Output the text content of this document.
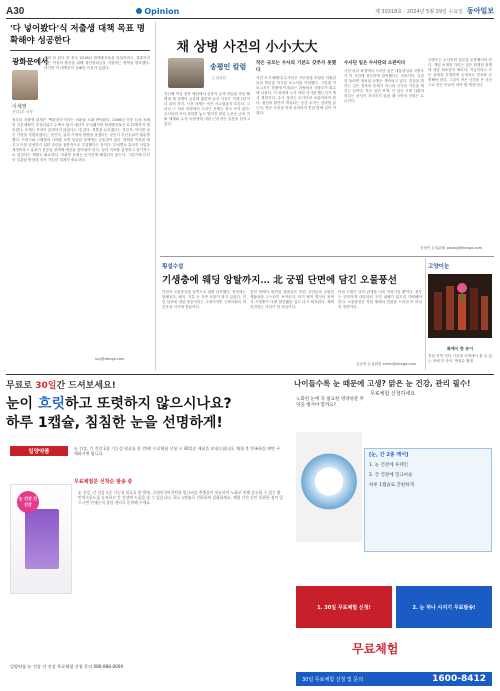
A30	Opinion	제 30318호 · 2024년 5월 29일 수요일 동아일보
'다 넣어봤다'식 저출생 대책 목표 명확해야 성공한다
광화문에서
이세영
산업1부 차장
엘라 안 된다 한 중국 2018년 합계출산율을 달성하려고, 결혼하지 않은 여성의 출산을 위해 출산장려금을 지원하는 정책을 발표했다. 하지만 이 대책들이 실패한 이유가 있었다.
정부의 저출생 대책은 '백화점식'이라는 비판을 오래 받아왔다. 2006년 이후 다섯 차례의 기본계획이 추진되었고 수백조 원의 예산이 투입됐지만 합계출산율은 0.72명까지 떨어졌다. 문제는 목표가 분명하지 않았다는 데 있다. 결혼을 늘리겠다는 것인지, 아이를 낳은 가정을 지원하겠다는 것인지, 일과 가정의 양립을 돕겠다는 것인지 우선순위가 불분명했다. 프랑스와 스웨덴의 사례를 보면 성공한 정책에는 공통점이 있다. 명확한 목표를 세우고 이를 달성하기 위한 수단을 집중적으로 투입했다는 점이다. 부처별로 흩어진 사업을 재정비하고 효과가 검증된 정책에 예산을 몰아줘야 한다. 성과 지표를 설정하고 정기적으로 점검하는 체계도 필요하다. 저출생 문제는 단기간에 해결되지 않는다. 그렇기에 더더욱 일관된 방향과 지속 가능한 설계가 중요하다.
ssy@donga.com
채 상병 사건의 小小大大
송평인 칼럼
논설위원
지난해 여름 경북 예천에서 실종자 수색 작업을 하던 해병대 채 상병이 급류에 휩쓸려 숨진 사건은 이제 1년이 다 되어 간다. 사건 자체는 작은 사고였을지 모른다. 그러나 그 처리 과정에서 드러난 문제는 결코 작지 않다. 수사단의 조사 결과를 놓고 벌어진 외압 논란은 군의 지휘 체계와 수사 독립성에 대한 근본적인 질문을 던지고 있다.
작은 규모는 수사의 기본도 갖추지 못했다
사건 초기 해병대 수사단은 사단장을 포함한 지휘관들의 책임을 적시한 보고서를 작성했다. 그런데 이 보고서가 경찰에 이첩되는 과정에서 국방부가 회수에 나섰다. 이 과정에 누가 어떤 지시를 했는지가 핵심 쟁점이다. 수사 결과는 수사단의 소관이어야 한다. 윗선의 판단이 개입되는 순간 수사는 신뢰를 잃는다. 작은 사건을 작게 처리하지 못한 탓에 일이 커졌다.
수사단 일은 수사단의 소관이다
사건 처리 과정에서 드러난 것은 대통령실과 국방부가 이 사건에 과도하게 관여했다는 의혹이다. 특검을 둘러싼 정치권 공방은 계속되고 있다. 진실을 밝히는 일은 정파의 문제가 아니라 국가의 기본을 세우는 일이다. 작은 일은 작게, 큰 일은 크게 다뤄야 한다는 상식이 지켜지지 않을 때 국민의 신뢰는 무너진다.
국방부는 수사단의 결론을 존중했어야 한다. 책임 소재를 가리는 것은 희생된 장병에 대한 최소한의 예의다. 지금이라도 모든 과정을 투명하게 공개하고 진상을 규명해야 한다. 그것이 작은 사건을 큰 사건으로 만든 이들이 져야 할 책임이다.
송평인 논설위원 pisong@donga.com
횡설수설
기생충에 웨딩 앙탈까지… 北 궁핍 단면에 담긴 오물풍선
북한이 오물풍선을 남쪽으로 대량 살포했다. 풍선에는 담배꽁초, 폐지, 거름 등 각종 오물이 담겨 있었다. 전단 살포에 대한 대응이라는 주장이지만 국제사회의 비웃음을 사기에 충분하다.
풍선 안에서 발견된 물품들은 북한 주민들의 궁핍한 생활상을 고스란히 보여준다. 과거 탈북 병사의 몸에서 기생충이 다량 발견됐던 일도 다시 회자된다. 체제 선전과는 거리가 먼 현실이다.
이런 도발은 남북 관계를 더욱 악화시킬 뿐이다. 정부는 단호하게 대응하되 주민 피해가 없도록 대비해야 한다. 오물풍선은 북한 체제의 민낯을 드러낸 또 하나의 장면이다.
김승련 논설위원 srkim@donga.com
고양이눈
화예이 한 송이
전남 지역 저녁 시간대 서재에서 볼 수 있는 화예 한 송이. 박창수 촬영
무료로 30일간 드셔보세요!
눈이 흐릿하고 또렷하지 않으시나요?
하루 1캡슐, 침침한 눈을 선명하게!
일양약품
눈 건강, 간 건강 2종 기능성 원료를 한 번에! 무료체험 신청 시 30일분 제품을 보내드립니다. 체험 후 만족하실 때만 구매하시면 됩니다.
무료체험분 선착순 발송 중
눈 건강 간 건강
눈 건강, 간 건강 2중 기능성 원료를 한 번에. 루테인지아잔틴과 밀크씨슬 추출물이 함유되어 노화로 인해 감소될 수 있는 황반색소밀도를 유지하고 간 건강에 도움을 줄 수 있습니다. 하루 1캡슐로 간편하게 섭취하세요. 체험 기간 동안 불편한 점이 있으시면 언제든지 상담 센터로 문의해 주세요.
일양약품 눈 건강 간 건강 무료체험 신청 문의 080-888-0000
나이들수록 눈 때문에 고생? 맑은 눈 건강, 관리 필수!
무료체험 신청하세요
노화된 눈에 꼭 필요한 영양성분 무엇을 챙겨야 할까요?
[눈, 간 2종 케어]
1. 눈 건강에 루테인
2. 간 건강에 밀크씨슬
하루 1캡슐로 간편하게
1. 30일 무료체험 신청!	2. 눈 하나 사지기 무료발송!
무료체험
30일 무료체험 신청 및 문의	1600-8412
